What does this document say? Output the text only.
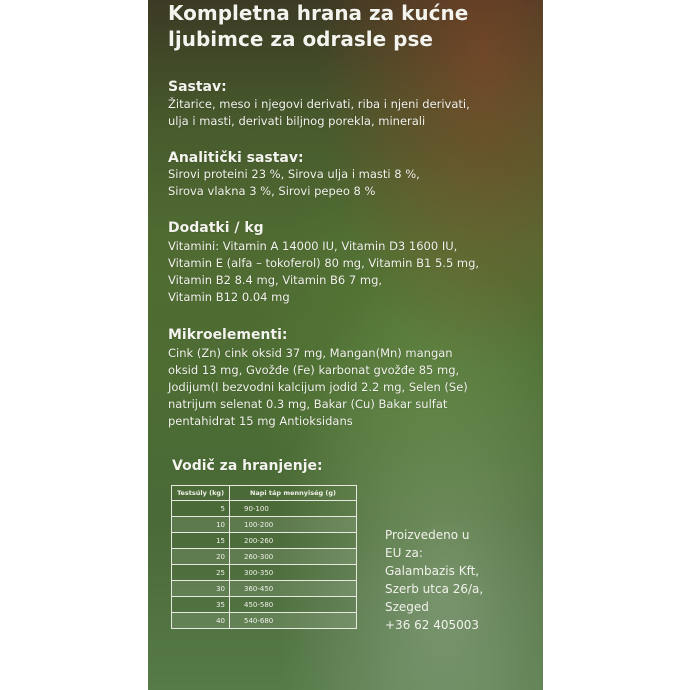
Kompletna hrana za kućne
ljubimce za odrasle pse
Sastav:
Žitarice, meso i njegovi derivati, riba i njeni derivati,
ulja i masti, derivati biljnog porekla, minerali
Analitički sastav:
Sirovi proteini 23 %, Sirova ulja i masti 8 %,
Sirova vlakna 3 %, Sirovi pepeo 8 %
Dodatki / kg
Vitamini: Vitamin A 14000 IU, Vitamin D3 1600 IU,
Vitamin E (alfa – tokoferol) 80 mg, Vitamin B1 5.5 mg,
Vitamin B2 8.4 mg, Vitamin B6 7 mg,
Vitamin B12 0.04 mg
Mikroelementi:
Cink (Zn) cink oksid 37 mg, Mangan(Mn) mangan
oksid 13 mg, Gvožđe (Fe) karbonat gvožđe 85 mg,
Jodijum(I bezvodni kalcijum jodid 2.2 mg, Selen (Se)
natrijum selenat 0.3 mg, Bakar (Cu) Bakar sulfat
pentahidrat 15 mg Antioksidans
Vodič za hranjenje:
Testsúly (kg)	Napi táp mennyiség (g)
5	90-100
10	100-200
15	200-260
20	260-300
25	300-350
30	360-450
35	450-580
40	540-680
Proizvedeno u
EU za:
Galambazis Kft,
Szerb utca 26/a,
Szeged
+36 62 405003
